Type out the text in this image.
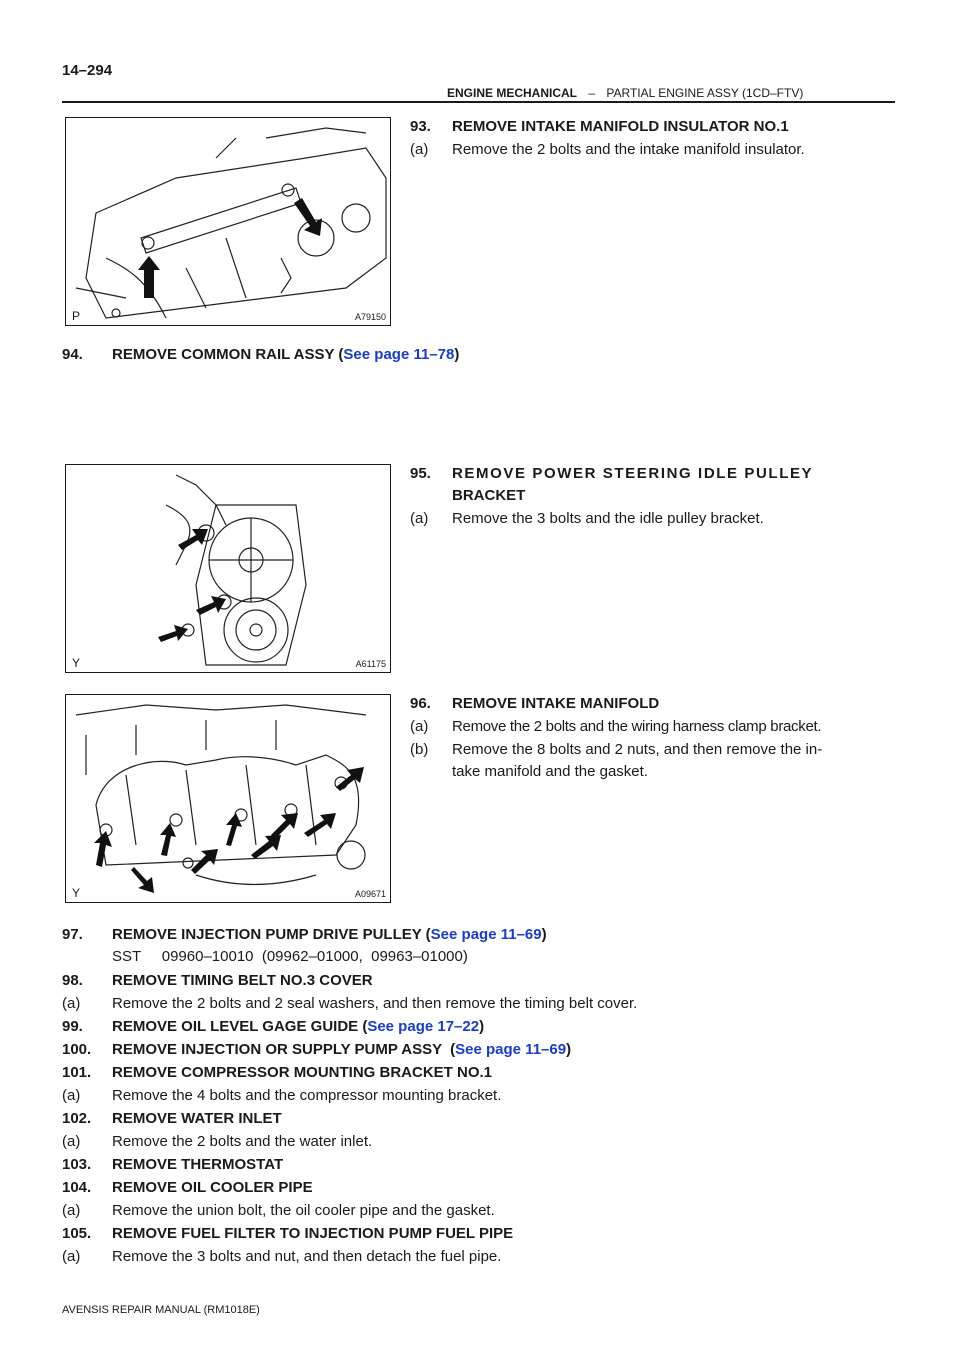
14–294
ENGINE MECHANICAL – PARTIAL ENGINE ASSY (1CD–FTV)
P	A79150
93. REMOVE INTAKE MANIFOLD INSULATOR NO.1
(a) Remove the 2 bolts and the intake manifold insulator.
94. REMOVE COMMON RAIL ASSY (See page 11–78)
Y	A61175
95. REMOVE POWER STEERING IDLE PULLEY
BRACKET
(a) Remove the 3 bolts and the idle pulley bracket.
Y	A09671
96. REMOVE INTAKE MANIFOLD
(a) Remove the 2 bolts and the wiring harness clamp bracket.
(b) Remove the 8 bolts and 2 nuts, and then remove the in-
take manifold and the gasket.
97. REMOVE INJECTION PUMP DRIVE PULLEY (See page 11–69)
SST     09960–10010  (09962–01000,  09963–01000)
98. REMOVE TIMING BELT NO.3 COVER
(a) Remove the 2 bolts and 2 seal washers, and then remove the timing belt cover.
99. REMOVE OIL LEVEL GAGE GUIDE (See page 17–22)
100. REMOVE INJECTION OR SUPPLY PUMP ASSY  (See page 11–69)
101. REMOVE COMPRESSOR MOUNTING BRACKET NO.1
(a) Remove the 4 bolts and the compressor mounting bracket.
102. REMOVE WATER INLET
(a) Remove the 2 bolts and the water inlet.
103. REMOVE THERMOSTAT
104. REMOVE OIL COOLER PIPE
(a) Remove the union bolt, the oil cooler pipe and the gasket.
105. REMOVE FUEL FILTER TO INJECTION PUMP FUEL PIPE
(a) Remove the 3 bolts and nut, and then detach the fuel pipe.
AVENSIS REPAIR MANUAL (RM1018E)
